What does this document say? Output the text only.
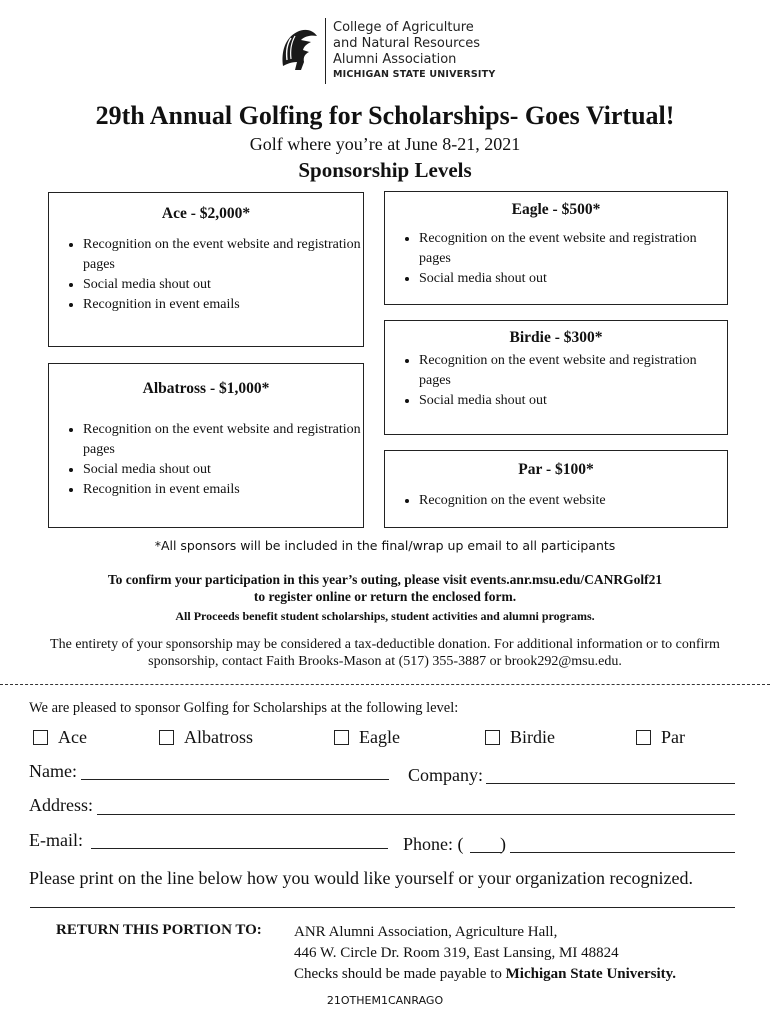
College of Agriculture
and Natural Resources
Alumni Association
MICHIGAN STATE UNIVERSITY
29th Annual Golfing for Scholarships- Goes Virtual!
Golf where you’re at June 8-21, 2021
Sponsorship Levels
Ace - $2,000*
• Recognition on the event website and registration pages
• Social media shout out
• Recognition in event emails
Albatross - $1,000*
• Recognition on the event website and registration pages
• Social media shout out
• Recognition in event emails
Eagle - $500*
• Recognition on the event website and registration pages
• Social media shout out
Birdie - $300*
• Recognition on the event website and registration pages
• Social media shout out
Par - $100*
• Recognition on the event website
*All sponsors will be included in the final/wrap up email to all participants
To confirm your participation in this year’s outing, please visit events.anr.msu.edu/CANRGolf21
to register online or return the enclosed form.
All Proceeds benefit student scholarships, student activities and alumni programs.
The entirety of your sponsorship may be considered a tax-deductible donation. For additional information or to confirm
sponsorship, contact Faith Brooks-Mason at (517) 355-3887 or brook292@msu.edu.
We are pleased to sponsor Golfing for Scholarships at the following level:
Ace	Albatross	Eagle	Birdie	Par
Name:	Company:
Address:
E-mail:	Phone: ( )
Please print on the line below how you would like yourself or your organization recognized.
RETURN THIS PORTION TO: ANR Alumni Association, Agriculture Hall,
446 W. Circle Dr. Room 319, East Lansing, MI 48824
Checks should be made payable to Michigan State University.
21OTHEM1CANRAGO
